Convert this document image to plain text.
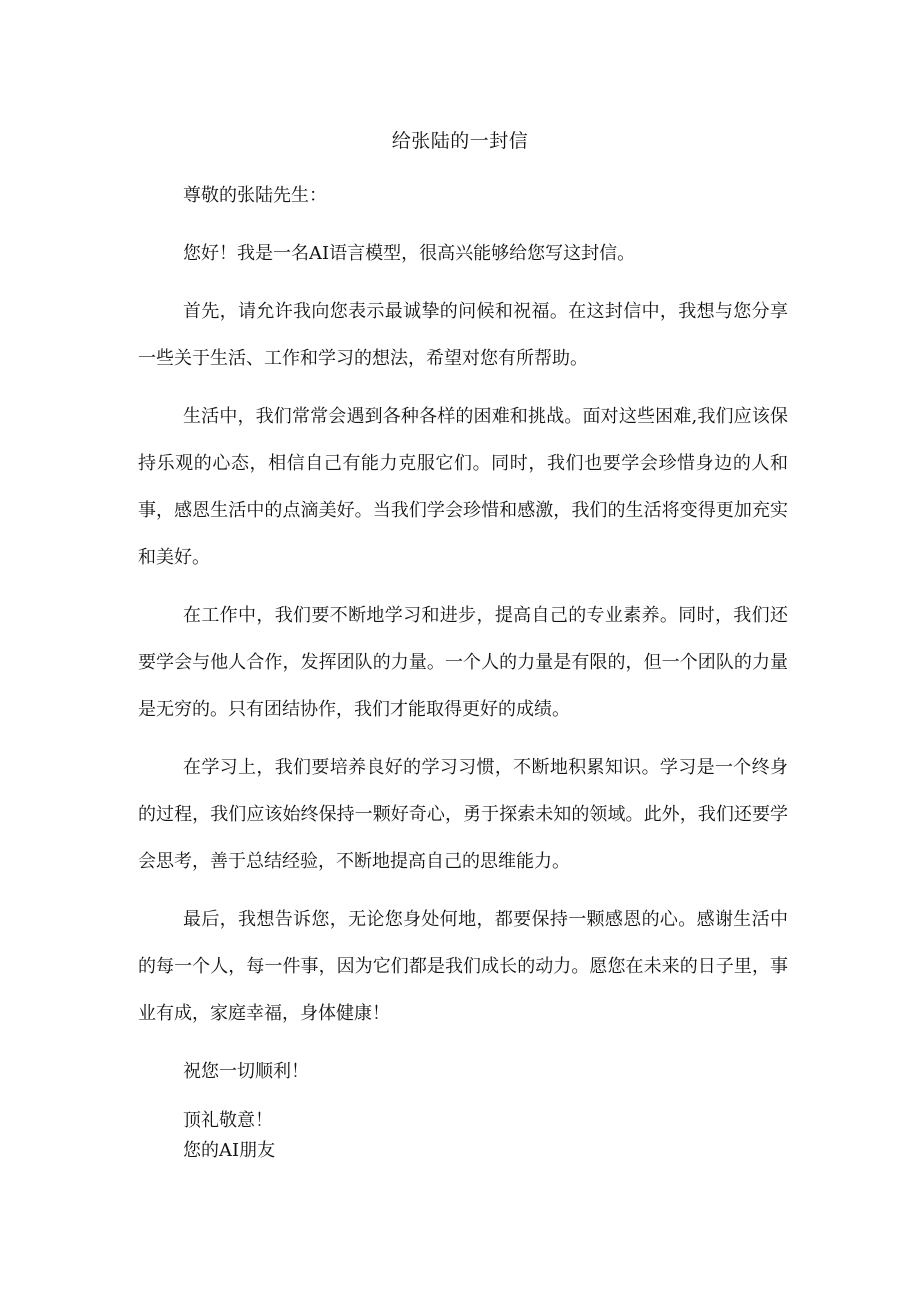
给张陆的一封信

尊敬的张陆先生：

您好！我是一名AI语言模型，很高兴能够给您写这封信。

首先，请允许我向您表示最诚挚的问候和祝福。在这封信中，我想与您分享一些关于生活、工作和学习的想法，希望对您有所帮助。

生活中，我们常常会遇到各种各样的困难和挑战。面对这些困难,我们应该保持乐观的心态，相信自己有能力克服它们。同时，我们也要学会珍惜身边的人和事，感恩生活中的点滴美好。当我们学会珍惜和感激，我们的生活将变得更加充实和美好。

在工作中，我们要不断地学习和进步，提高自己的专业素养。同时，我们还要学会与他人合作，发挥团队的力量。一个人的力量是有限的，但一个团队的力量是无穷的。只有团结协作，我们才能取得更好的成绩。

在学习上，我们要培养良好的学习习惯，不断地积累知识。学习是一个终身的过程，我们应该始终保持一颗好奇心，勇于探索未知的领域。此外，我们还要学会思考，善于总结经验，不断地提高自己的思维能力。

最后，我想告诉您，无论您身处何地，都要保持一颗感恩的心。感谢生活中的每一个人，每一件事，因为它们都是我们成长的动力。愿您在未来的日子里，事业有成，家庭幸福，身体健康！

祝您一切顺利！

顶礼敬意！

您的AI朋友
